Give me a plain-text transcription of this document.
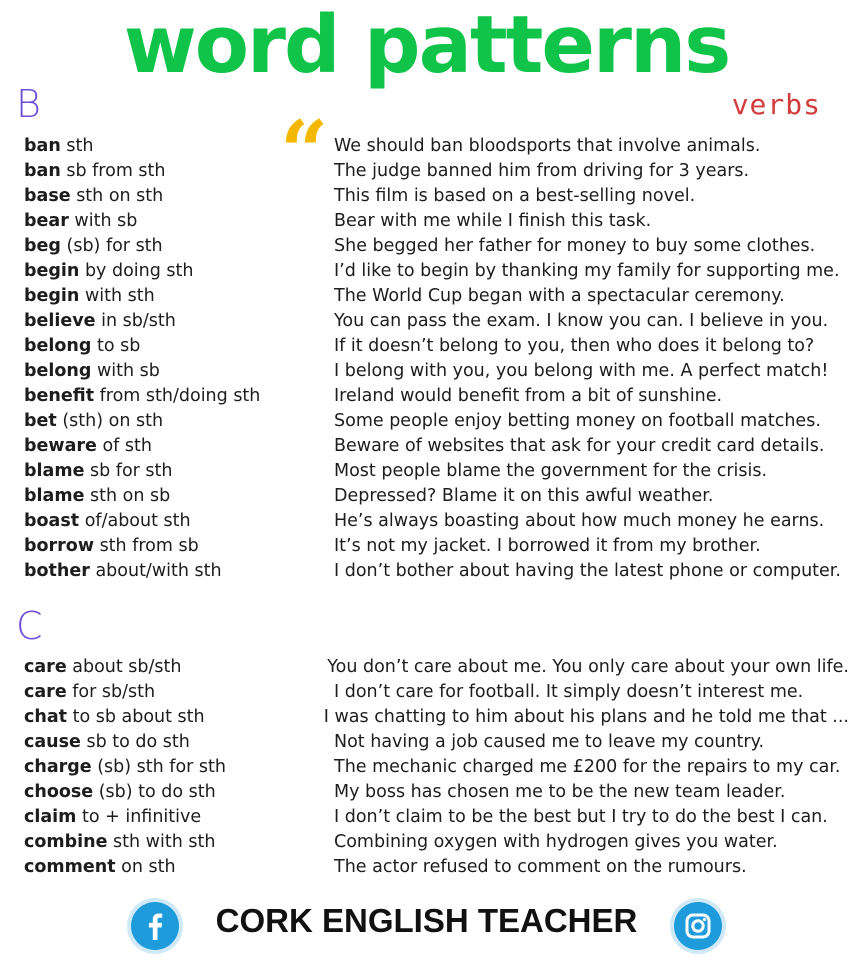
word patterns
verbs
B	“
ban sth	We should ban bloodsports that involve animals.
ban sb from sth	The judge banned him from driving for 3 years.
base sth on sth	This film is based on a best-selling novel.
bear with sb	Bear with me while I finish this task.
beg (sb) for sth	She begged her father for money to buy some clothes.
begin by doing sth	I’d like to begin by thanking my family for supporting me.
begin with sth	The World Cup began with a spectacular ceremony.
believe in sb/sth	You can pass the exam. I know you can. I believe in you.
belong to sb	If it doesn’t belong to you, then who does it belong to?
belong with sb	I belong with you, you belong with me. A perfect match!
benefit from sth/doing sth	Ireland would benefit from a bit of sunshine.
bet (sth) on sth	Some people enjoy betting money on football matches.
beware of sth	Beware of websites that ask for your credit card details.
blame sb for sth	Most people blame the government for the crisis.
blame sth on sb	Depressed? Blame it on this awful weather.
boast of/about sth	He’s always boasting about how much money he earns.
borrow sth from sb	It’s not my jacket. I borrowed it from my brother.
bother about/with sth	I don’t bother about having the latest phone or computer.
C
care about sb/sth	You don’t care about me. You only care about your own life.
care for sb/sth	I don’t care for football. It simply doesn’t interest me.
chat to sb about sth	I was chatting to him about his plans and he told me that ...
cause sb to do sth	Not having a job caused me to leave my country.
charge (sb) sth for sth	The mechanic charged me £200 for the repairs to my car.
choose (sb) to do sth	My boss has chosen me to be the new team leader.
claim to + infinitive	I don’t claim to be the best but I try to do the best I can.
combine sth with sth	Combining oxygen with hydrogen gives you water.
comment on sth	The actor refused to comment on the rumours.
CORK ENGLISH TEACHER
